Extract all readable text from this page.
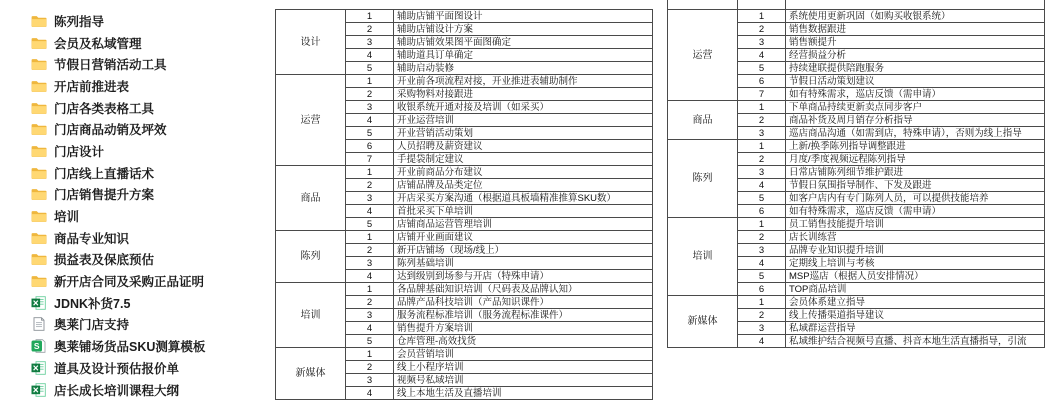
陈列指导
会员及私域管理
节假日营销活动工具
开店前推进表
门店各类表格工具
门店商品动销及坪效
门店设计
门店线上直播话术
门店销售提升方案
培训
商品专业知识
损益表及保底预估
新开店合同及采购正品证明
JDNK补货7.5
奥莱门店支持
S 奥莱铺场货品SKU测算模板
道具及设计预估报价单
店长成长培训课程大纲
设计	1	辅助店铺平面图设计
	2	辅助店铺设计方案
	3	辅助店铺效果图平面图确定
	4	辅助道具订单确定
	5	辅助启动装修
运营	1	开业前各项流程对接，开业推进表辅助制作
	2	采购物料对接跟进
	3	收银系统开通对接及培训（如采买）
	4	开业运营培训
	5	开业营销活动策划
	6	人员招聘及薪资建议
	7	手提袋制定建议
商品	1	开业前商品分布建议
	2	店铺品牌及品类定位
	3	开店采买方案沟通（根据道具板墙精准推算SKU数）
	4	首批采买下单培训
	5	店铺商品运营管理培训
陈列	1	店铺开业画面建议
	2	新开店铺场（现场/线上）
	3	陈列基础培训
	4	达到级别到场参与开店（特殊申请）
培训	1	各品牌基础知识培训（尺码表及品牌认知）
	2	品牌产品科技培训（产品知识课件）
	3	服务流程标准培训（服务流程标准课件）
	4	销售提升方案培训
	5	仓库管理-高效找货
新媒体	1	会员营销培训
	2	线上小程序培训
	3	视频号私域培训
	4	线上本地生活及直播培训

运营	1	系统使用更新巩固（如购买收银系统）
	2	销售数据跟进
	3	销售额提升
	4	经营损益分析
	5	持续建联提供陪跑服务
	6	节假日活动策划建议
	7	如有特殊需求，巡店反馈（需申请）
商品	1	下单商品持续更新卖点同步客户
	2	商品补货及周月销存分析指导
	3	巡店商品沟通（如需到店，特殊申请），否则为线上指导
陈列	1	上新/换季陈列指导调整跟进
	2	月度/季度视频远程陈列指导
	3	日常店铺陈列细节维护跟进
	4	节假日氛围指导制作、下发及跟进
	5	如客户店内有专门陈列人员，可以提供技能培养
	6	如有特殊需求，巡店反馈（需申请）
培训	1	员工销售技能提升培训
	2	店长训练营
	3	品牌专业知识提升培训
	4	定期线上培训与考核
	5	MSP巡店（根据人员安排情况）
	6	TOP商品培训
新媒体	1	会员体系建立指导
	2	线上传播渠道指导建议
	3	私域群运营指导
	4	私域维护结合视频号直播、抖音本地生活直播指导，引流
